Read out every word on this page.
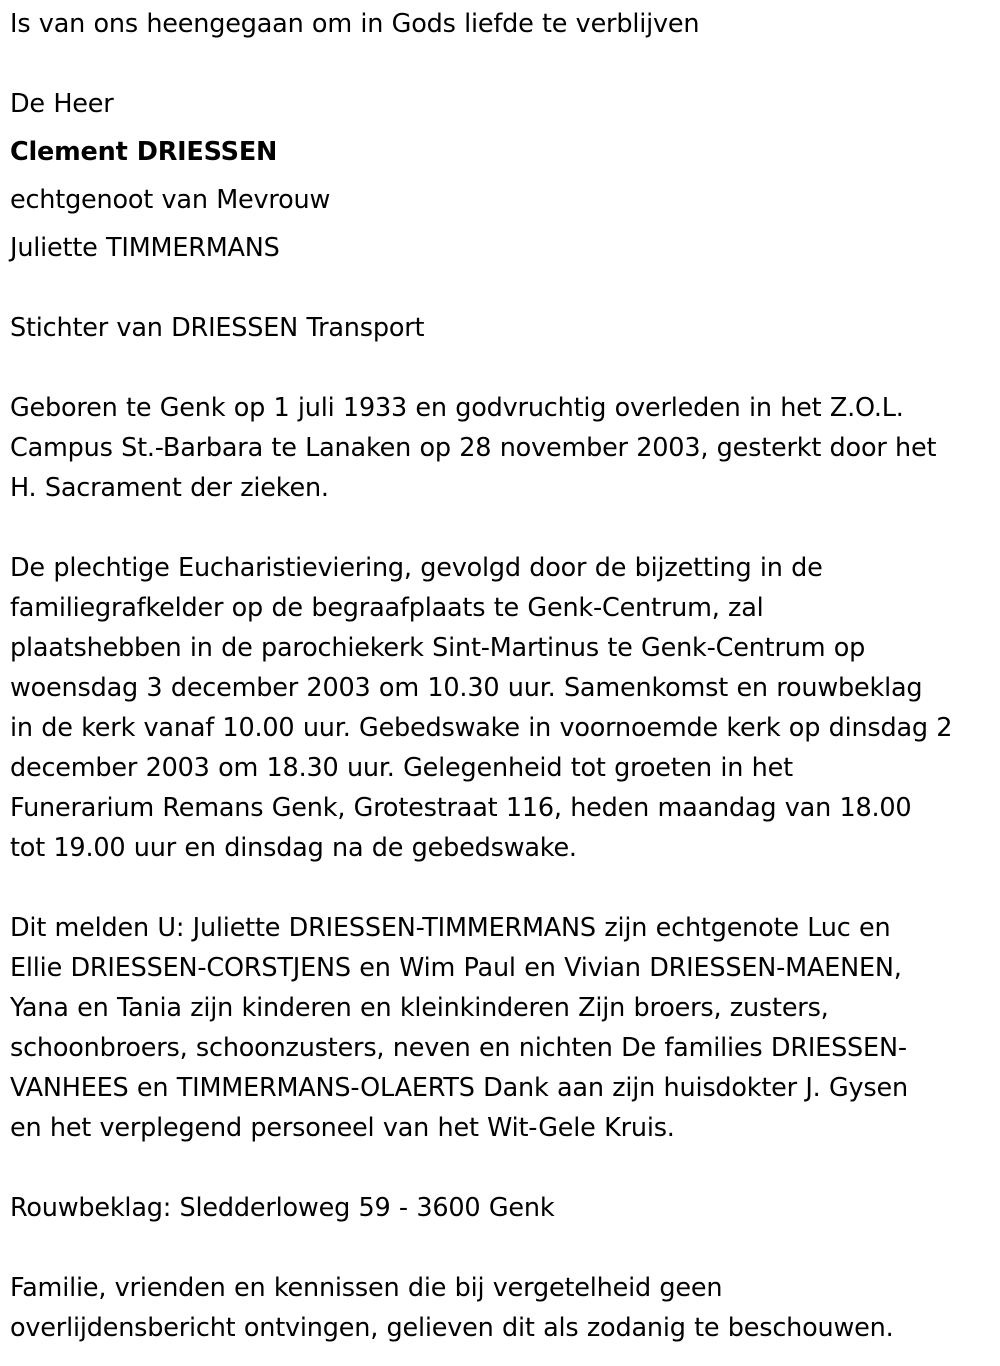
Is van ons heengegaan om in Gods liefde te verblijven
De Heer
Clement DRIESSEN
echtgenoot van Mevrouw
Juliette TIMMERMANS
Stichter van DRIESSEN Transport
Geboren te Genk op 1 juli 1933 en godvruchtig overleden in het Z.O.L.
Campus St.-Barbara te Lanaken op 28 november 2003, gesterkt door het
H. Sacrament der zieken.
De plechtige Eucharistieviering, gevolgd door de bijzetting in de
familiegrafkelder op de begraafplaats te Genk-Centrum, zal
plaatshebben in de parochiekerk Sint-Martinus te Genk-Centrum op
woensdag 3 december 2003 om 10.30 uur. Samenkomst en rouwbeklag
in de kerk vanaf 10.00 uur. Gebedswake in voornoemde kerk op dinsdag 2
december 2003 om 18.30 uur. Gelegenheid tot groeten in het
Funerarium Remans Genk, Grotestraat 116, heden maandag van 18.00
tot 19.00 uur en dinsdag na de gebedswake.
Dit melden U: Juliette DRIESSEN-TIMMERMANS zijn echtgenote Luc en
Ellie DRIESSEN-CORSTJENS en Wim Paul en Vivian DRIESSEN-MAENEN,
Yana en Tania zijn kinderen en kleinkinderen Zijn broers, zusters,
schoonbroers, schoonzusters, neven en nichten De families DRIESSEN-
VANHEES en TIMMERMANS-OLAERTS Dank aan zijn huisdokter J. Gysen
en het verplegend personeel van het Wit-Gele Kruis.
Rouwbeklag: Sledderloweg 59 - 3600 Genk
Familie, vrienden en kennissen die bij vergetelheid geen
overlijdensbericht ontvingen, gelieven dit als zodanig te beschouwen.
